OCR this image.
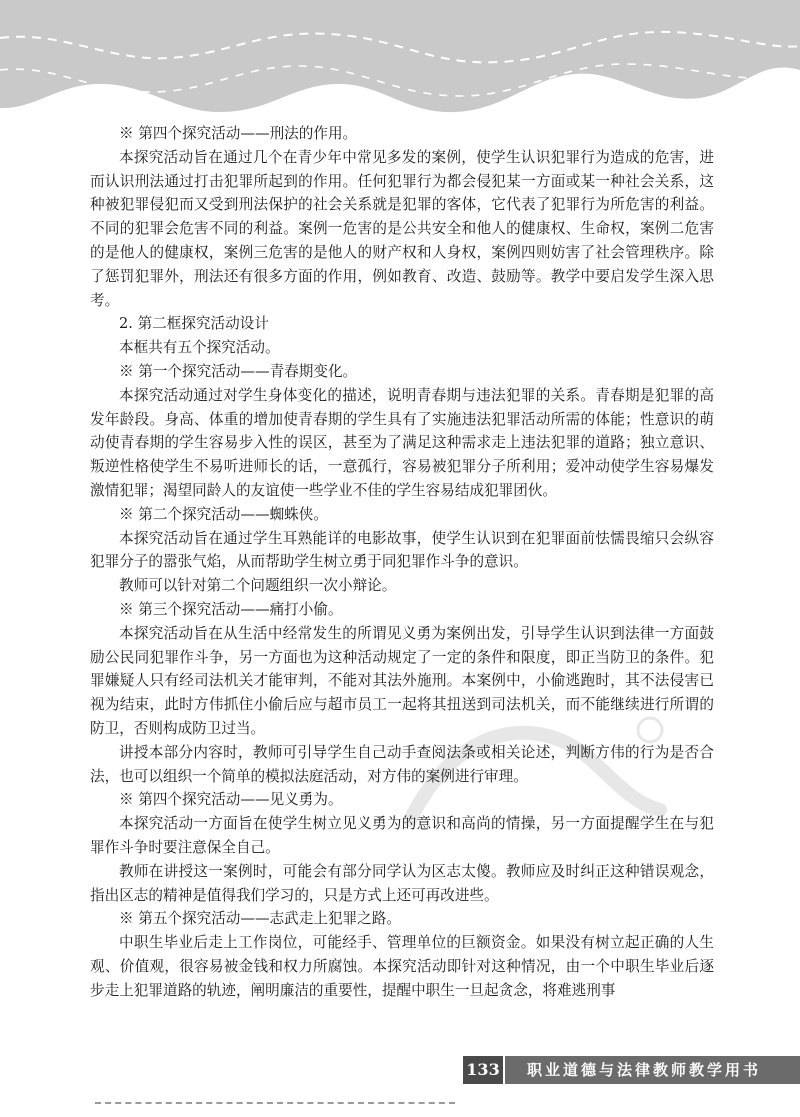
※ 第四个探究活动——刑法的作用。

本探究活动旨在通过几个在青少年中常见多发的案例，使学生认识犯罪行为造成的危害，进而认识刑法通过打击犯罪所起到的作用。任何犯罪行为都会侵犯某一方面或某一种社会关系，这种被犯罪侵犯而又受到刑法保护的社会关系就是犯罪的客体，它代表了犯罪行为所危害的利益。不同的犯罪会危害不同的利益。案例一危害的是公共安全和他人的健康权、生命权，案例二危害的是他人的健康权，案例三危害的是他人的财产权和人身权，案例四则妨害了社会管理秩序。除了惩罚犯罪外，刑法还有很多方面的作用，例如教育、改造、鼓励等。教学中要启发学生深入思考。

2. 第二框探究活动设计

本框共有五个探究活动。

※ 第一个探究活动——青春期变化。

本探究活动通过对学生身体变化的描述，说明青春期与违法犯罪的关系。青春期是犯罪的高发年龄段。身高、体重的增加使青春期的学生具有了实施违法犯罪活动所需的体能；性意识的萌动使青春期的学生容易步入性的误区，甚至为了满足这种需求走上违法犯罪的道路；独立意识、叛逆性格使学生不易听进师长的话，一意孤行，容易被犯罪分子所利用；爱冲动使学生容易爆发激情犯罪；渴望同龄人的友谊使一些学业不佳的学生容易结成犯罪团伙。

※ 第二个探究活动——蜘蛛侠。

本探究活动旨在通过学生耳熟能详的电影故事，使学生认识到在犯罪面前怯懦畏缩只会纵容犯罪分子的嚣张气焰，从而帮助学生树立勇于同犯罪作斗争的意识。

教师可以针对第二个问题组织一次小辩论。

※ 第三个探究活动——痛打小偷。

本探究活动旨在从生活中经常发生的所谓见义勇为案例出发，引导学生认识到法律一方面鼓励公民同犯罪作斗争，另一方面也为这种活动规定了一定的条件和限度，即正当防卫的条件。犯罪嫌疑人只有经司法机关才能审判，不能对其法外施刑。本案例中，小偷逃跑时，其不法侵害已视为结束，此时方伟抓住小偷后应与超市员工一起将其扭送到司法机关，而不能继续进行所谓的防卫，否则构成防卫过当。

讲授本部分内容时，教师可引导学生自己动手查阅法条或相关论述，判断方伟的行为是否合法，也可以组织一个简单的模拟法庭活动，对方伟的案例进行审理。

※ 第四个探究活动——见义勇为。

本探究活动一方面旨在使学生树立见义勇为的意识和高尚的情操，另一方面提醒学生在与犯罪作斗争时要注意保全自己。

教师在讲授这一案例时，可能会有部分同学认为区志太傻。教师应及时纠正这种错误观念，指出区志的精神是值得我们学习的，只是方式上还可再改进些。

※ 第五个探究活动——志武走上犯罪之路。

中职生毕业后走上工作岗位，可能经手、管理单位的巨额资金。如果没有树立起正确的人生观、价值观，很容易被金钱和权力所腐蚀。本探究活动即针对这种情况，由一个中职生毕业后逐步走上犯罪道路的轨迹，阐明廉洁的重要性，提醒中职生一旦起贪念，将难逃刑事

133	职业道德与法律教师教学用书
